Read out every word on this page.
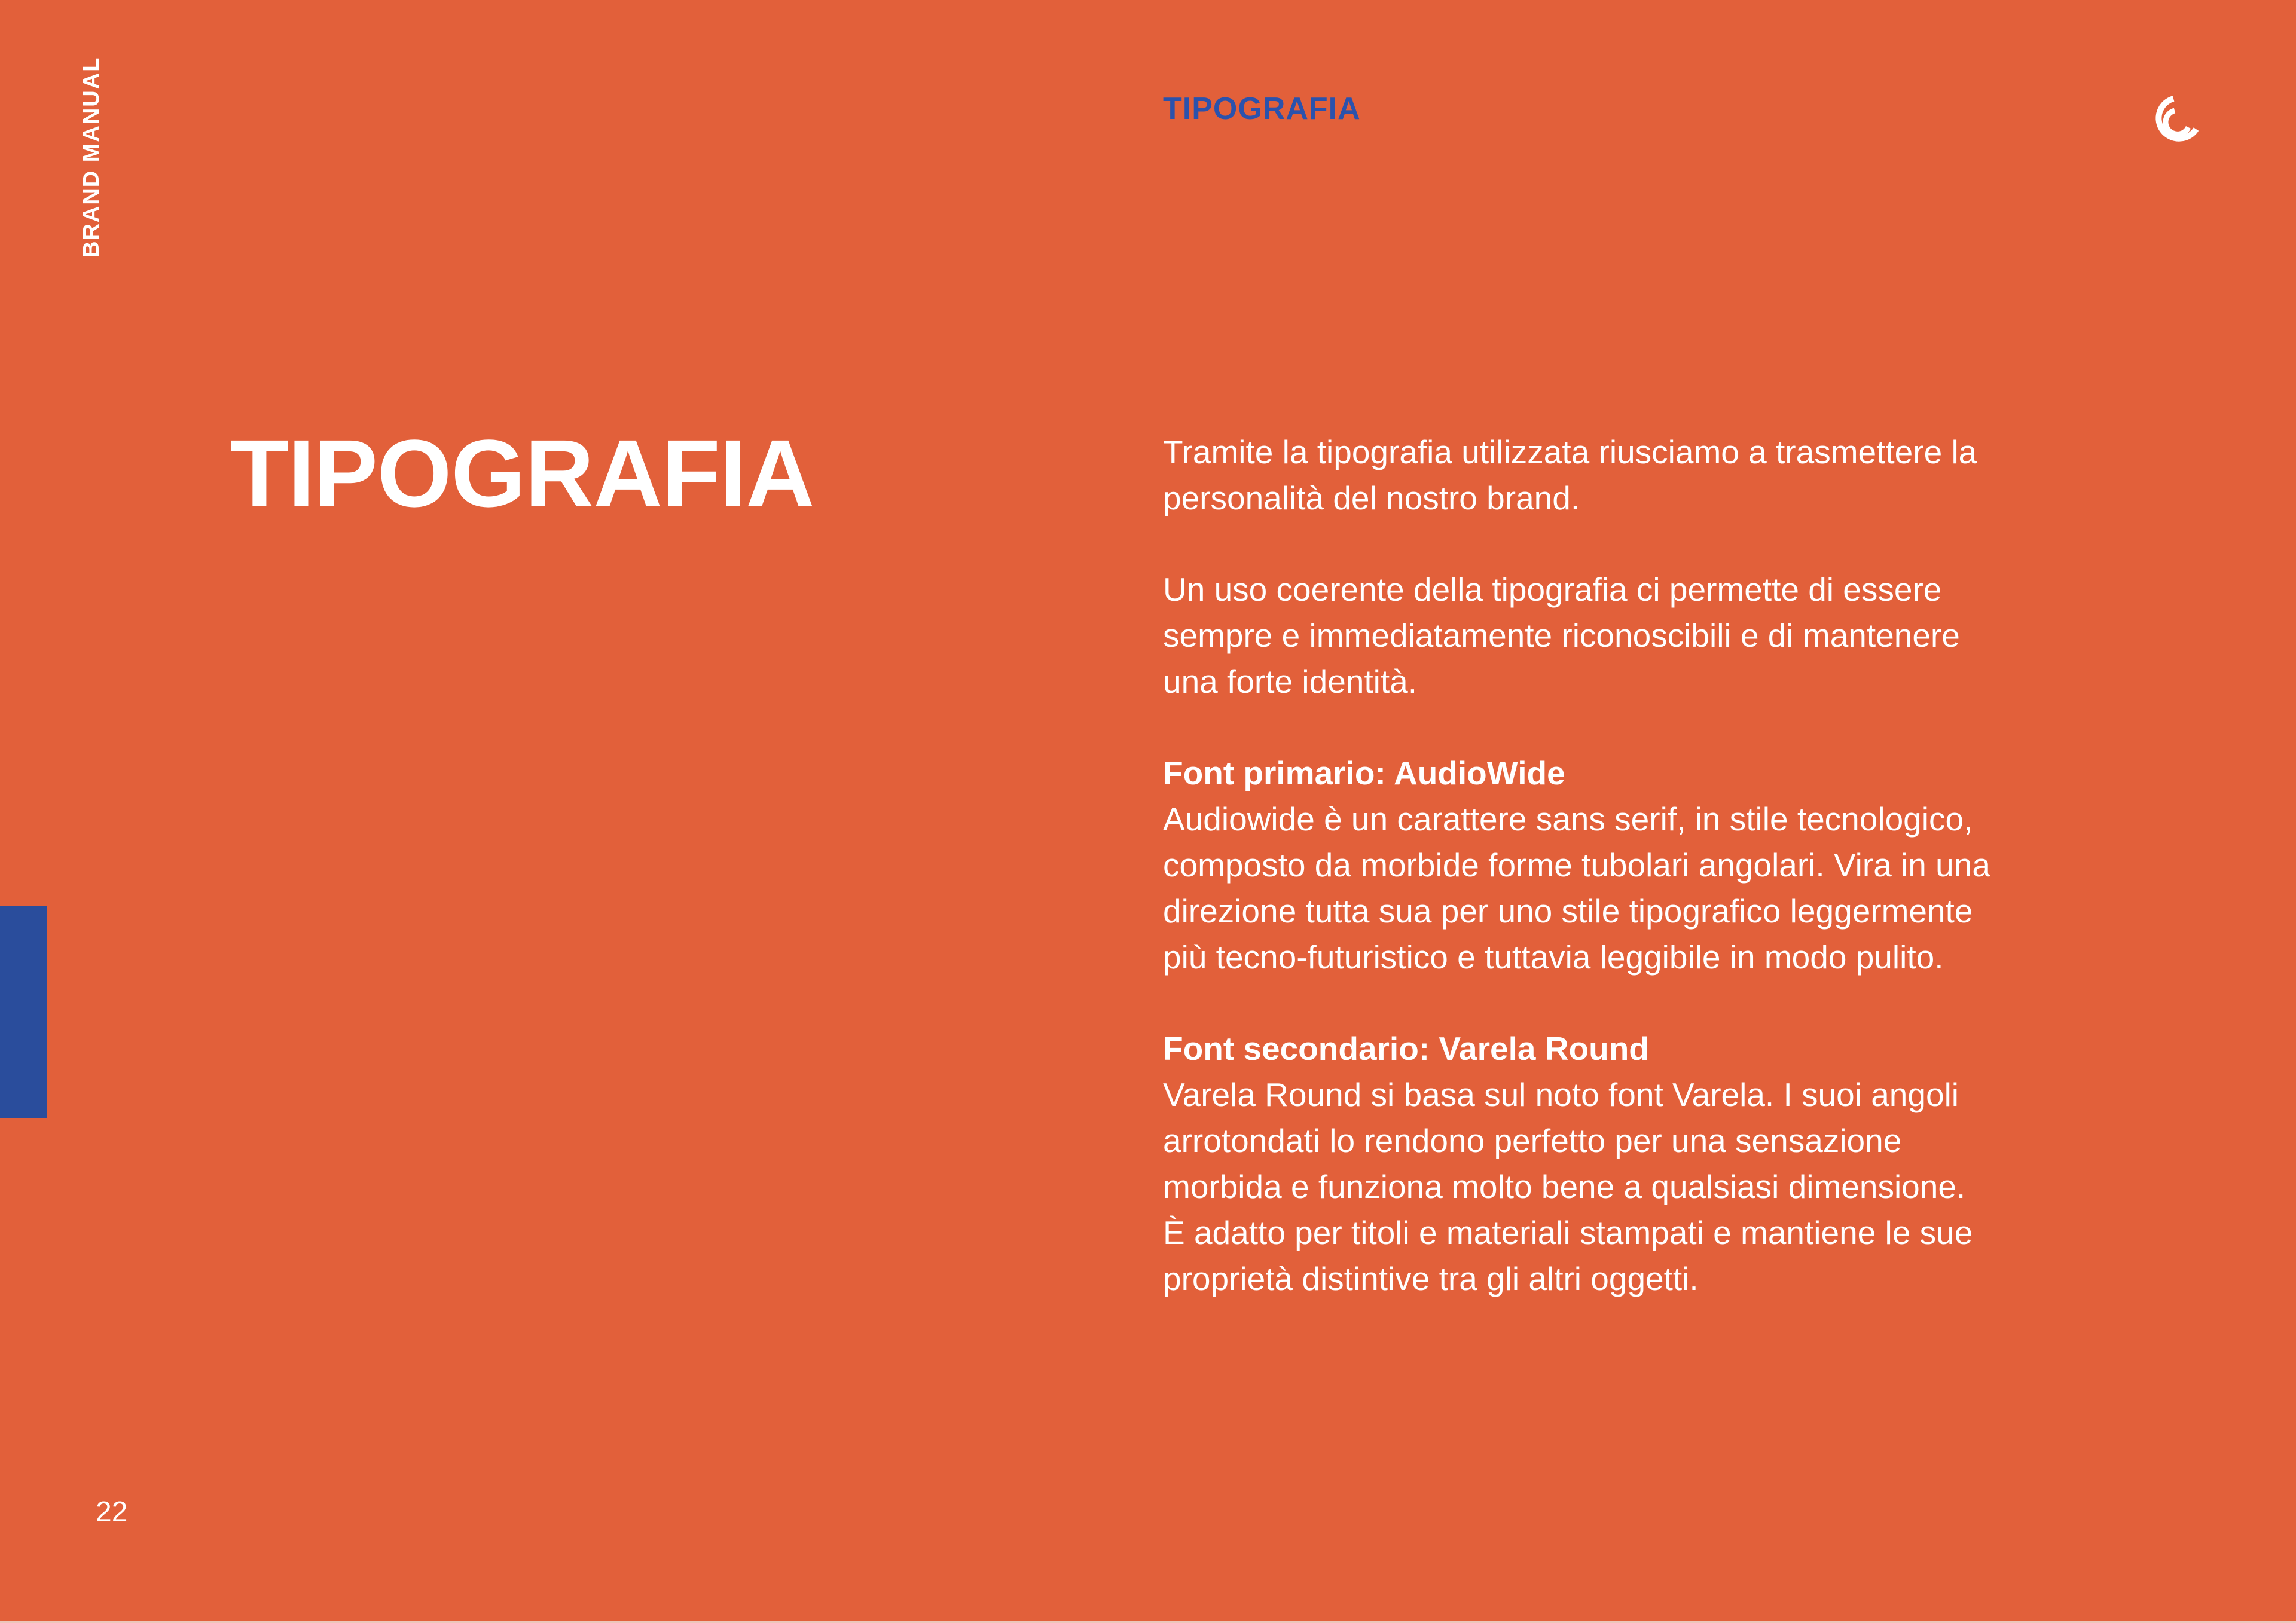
BRAND MANUAL	TIPOGRAFIA
TIPOGRAFIA	Tramite la tipografia utilizzata riusciamo a trasmettere la
personalità del nostro brand.
Un uso coerente della tipografia ci permette di essere
sempre e immediatamente riconoscibili e di mantenere
una forte identità.
Font primario: AudioWide
Audiowide è un carattere sans serif, in stile tecnologico,
composto da morbide forme tubolari angolari. Vira in una
direzione tutta sua per uno stile tipografico leggermente
più tecno-futuristico e tuttavia leggibile in modo pulito.
Font secondario: Varela Round
Varela Round si basa sul noto font Varela. I suoi angoli
arrotondati lo rendono perfetto per una sensazione
morbida e funziona molto bene a qualsiasi dimensione.
È adatto per titoli e materiali stampati e mantiene le sue
proprietà distintive tra gli altri oggetti.
22
